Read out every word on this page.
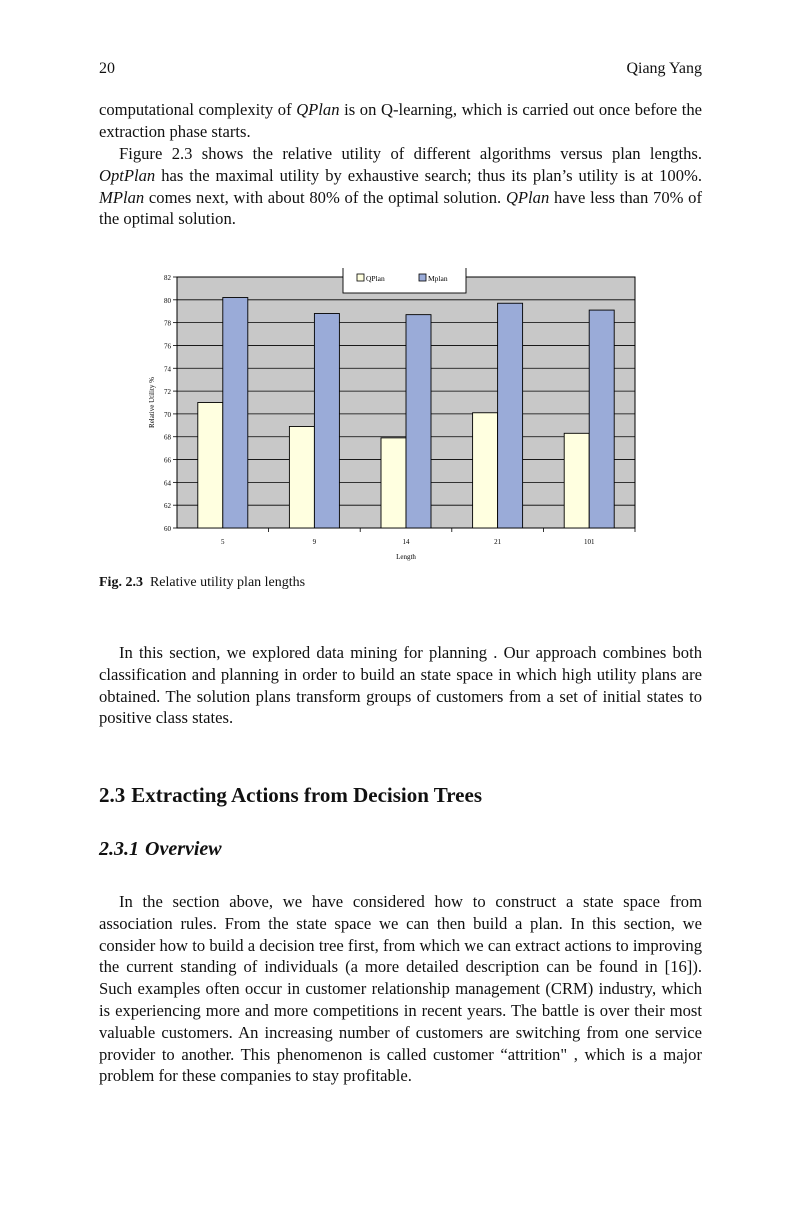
20	Qiang Yang

computational complexity of QPlan is on Q-learning, which is carried out once before the extraction phase starts.

Figure 2.3 shows the relative utility of different algorithms versus plan lengths. OptPlan has the maximal utility by exhaustive search; thus its plan’s utility is at 100%. MPlan comes next, with about 80% of the optimal solution. QPlan have less than 70% of the optimal solution.

60
62
64
66
68
70
72
74
76
78
80
82
5	9	14	21	101
Length
Relative Utility %
QPlan	Mplan
Fig. 2.3 Relative utility plan lengths

In this section, we explored data mining for planning . Our approach combines both classification and planning in order to build an state space in which high utility plans are obtained. The solution plans transform groups of customers from a set of initial states to positive class states.

2.3 Extracting Actions from Decision Trees
2.3.1 Overview

In the section above, we have considered how to construct a state space from association rules. From the state space we can then build a plan. In this section, we consider how to build a decision tree first, from which we can extract actions to improving the current standing of individuals (a more detailed description can be found in [16]). Such examples often occur in customer relationship management (CRM) industry, which is experiencing more and more competitions in recent years. The battle is over their most valuable customers. An increasing number of customers are switching from one service provider to another. This phenomenon is called customer “attrition" , which is a major problem for these companies to stay profitable.
